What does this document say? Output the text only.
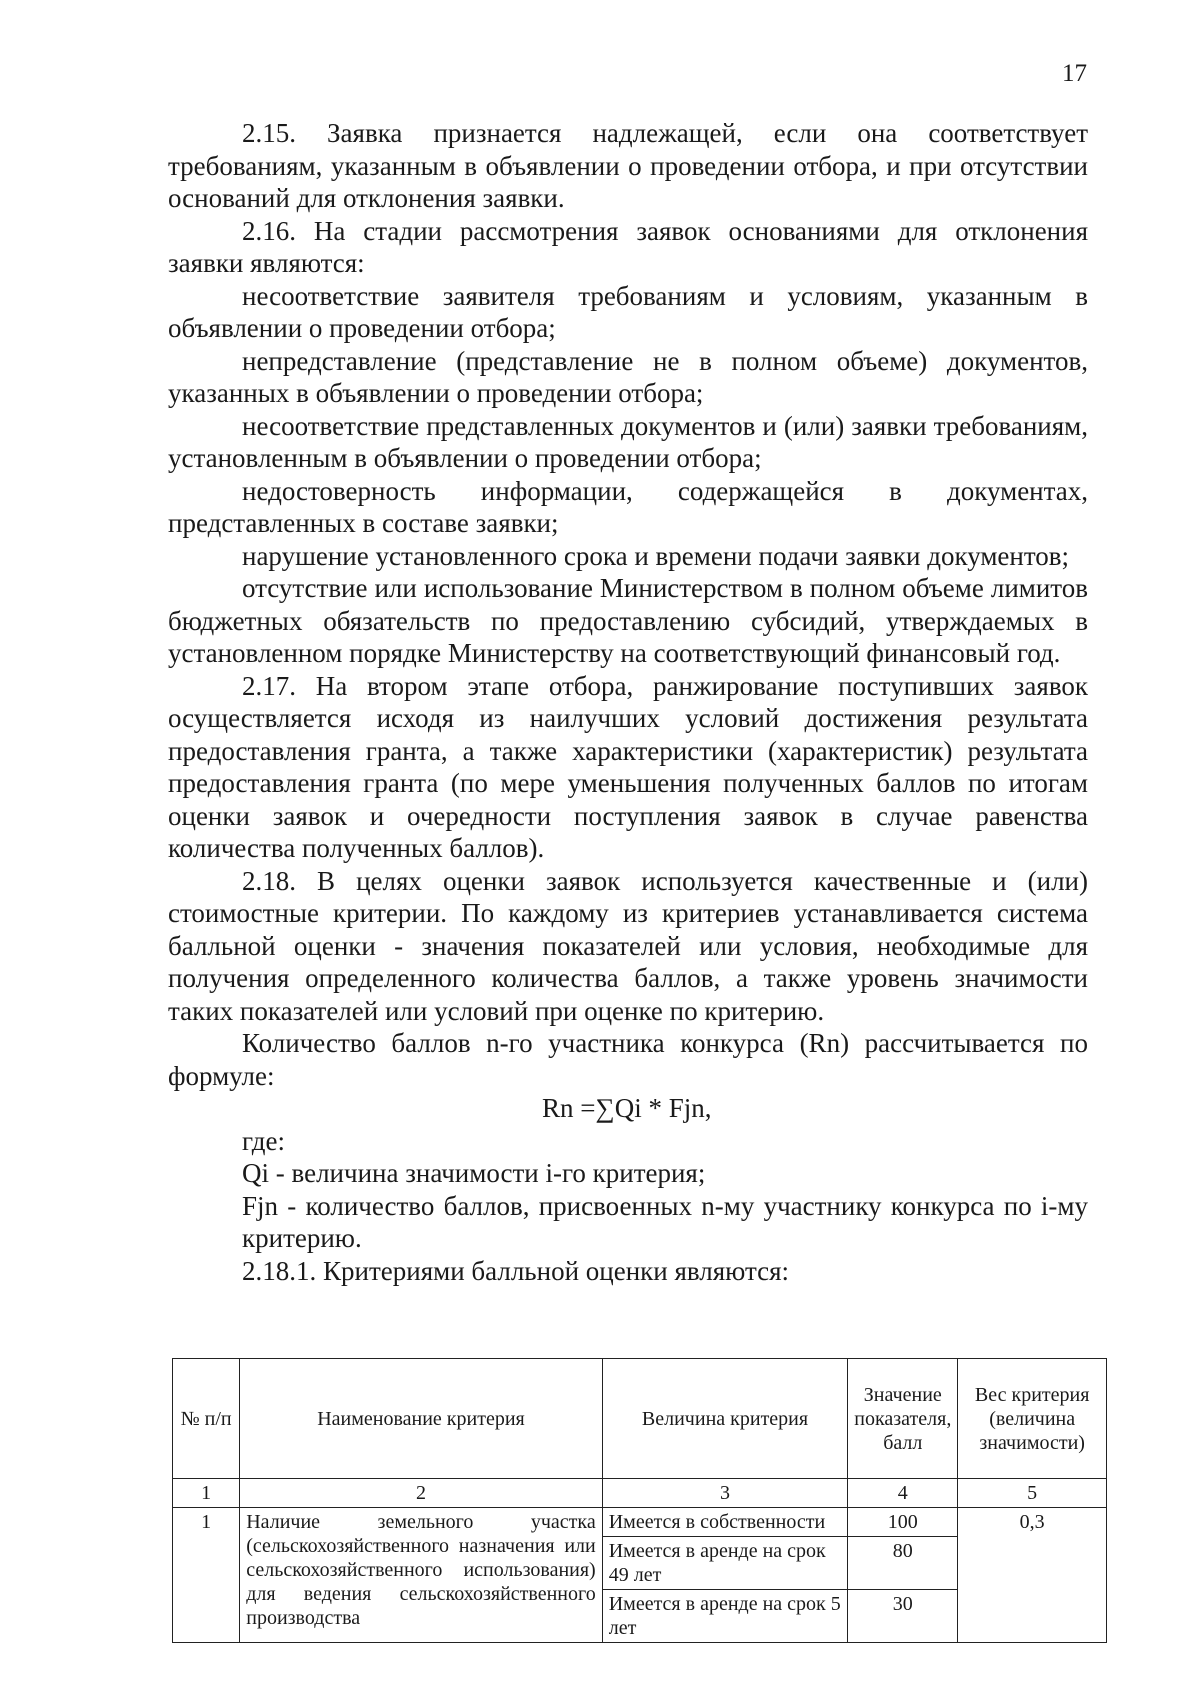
17

2.15. Заявка признается надлежащей, если она соответствует требованиям, указанным в объявлении о проведении отбора, и при отсутствии оснований для отклонения заявки.

2.16. На стадии рассмотрения заявок основаниями для отклонения заявки являются:

несоответствие заявителя требованиям и условиям, указанным в объявлении о проведении отбора;

непредставление (представление не в полном объеме) документов, указанных в объявлении о проведении отбора;

несоответствие представленных документов и (или) заявки требованиям, установленным в объявлении о проведении отбора;

недостоверность информации, содержащейся в документах, представленных в составе заявки;

нарушение установленного срока и времени подачи заявки документов;

отсутствие или использование Министерством в полном объеме лимитов бюджетных обязательств по предоставлению субсидий, утверждаемых в установленном порядке Министерству на соответствующий финансовый год.

2.17. На втором этапе отбора, ранжирование поступивших заявок осуществляется исходя из наилучших условий достижения результата предоставления гранта, а также характеристики (характеристик) результата предоставления гранта (по мере уменьшения полученных баллов по итогам оценки заявок и очередности поступления заявок в случае равенства количества полученных баллов).

2.18. В целях оценки заявок используется качественные и (или) стоимостные критерии. По каждому из критериев устанавливается система балльной оценки - значения показателей или условия, необходимые для получения определенного количества баллов, а также уровень значимости таких показателей или условий при оценке по критерию.

Количество баллов n-го участника конкурса (Rn) рассчитывается по формуле:

Rn =∑Qi * Fjn,

где:

Qi - величина значимости i-го критерия;

Fjn - количество баллов, присвоенных n-му участнику конкурса по i-му критерию.

2.18.1. Критериями балльной оценки являются:

№ п/п	Наименование критерия	Величина критерия	Значение показателя, балл	Вес критерия (величина значимости)
1	2	3	4	5
1	Наличие земельного участка (сельскохозяйственного назначения или сельскохозяйственного использования) для ведения сельскохозяйственного производства	Имеется в собственности	100	0,3
		Имеется в аренде на срок 49 лет	80	
		Имеется в аренде на срок 5 лет	30	
